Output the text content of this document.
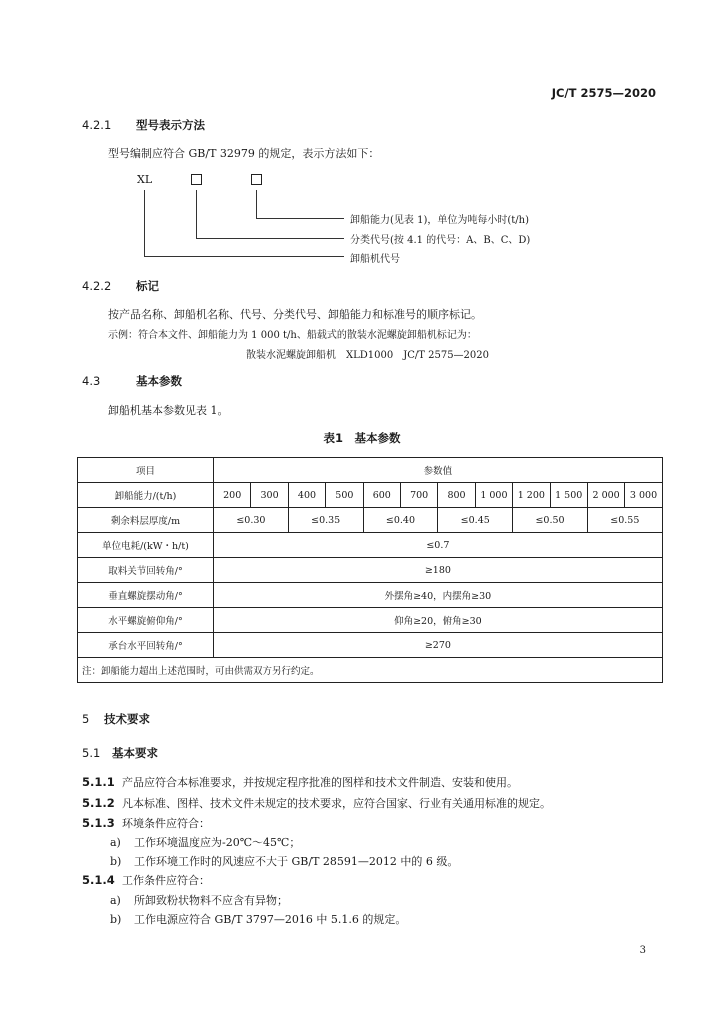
JC/T 2575—2020
4.2.1 型号表示方法
型号编制应符合 GB/T 32979 的规定，表示方法如下：
XL
卸船能力(见表 1)，单位为吨每小时(t/h)
分类代号(按 4.1 的代号：A、B、C、D)
卸船机代号
4.2.2 标记
按产品名称、卸船机名称、代号、分类代号、卸船能力和标准号的顺序标记。
示例：符合本文件、卸船能力为 1 000 t/h、船载式的散装水泥螺旋卸船机标记为：
散装水泥螺旋卸船机　XLD1000　JC/T 2575—2020
4.3	基本参数
卸船机基本参数见表 1。
表1　基本参数
项目	参数值											
卸船能力/(t/h)	200	300	400	500	600	700	800	1 000	1 200	1 500	2 000	3 000
剩余料层厚度/m	≤0.30		≤0.35		≤0.40		≤0.45		≤0.50		≤0.55	
单位电耗/(kW・h/t)	≤0.7											
取料关节回转角/°	≥180											
垂直螺旋摆动角/°	外摆角≥40，内摆角≥30											
水平螺旋俯仰角/°	仰角≥20，俯角≥30											
承台水平回转角/°	≥270											
注：卸船能力超出上述范围时，可由供需双方另行约定。												
5 技术要求
5.1 基本要求
5.1.1 产品应符合本标准要求，并按规定程序批准的图样和技术文件制造、安装和使用。
5.1.2 凡本标准、图样、技术文件未规定的技术要求，应符合国家、行业有关通用标准的规定。
5.1.3 环境条件应符合：
a) 工作环境温度应为-20℃～45℃；
b) 工作环境工作时的风速应不大于 GB/T 28591—2012 中的 6 级。
5.1.4 工作条件应符合：
a) 所卸致粉状物料不应含有异物；
b) 工作电源应符合 GB/T 3797—2016 中 5.1.6 的规定。
3
